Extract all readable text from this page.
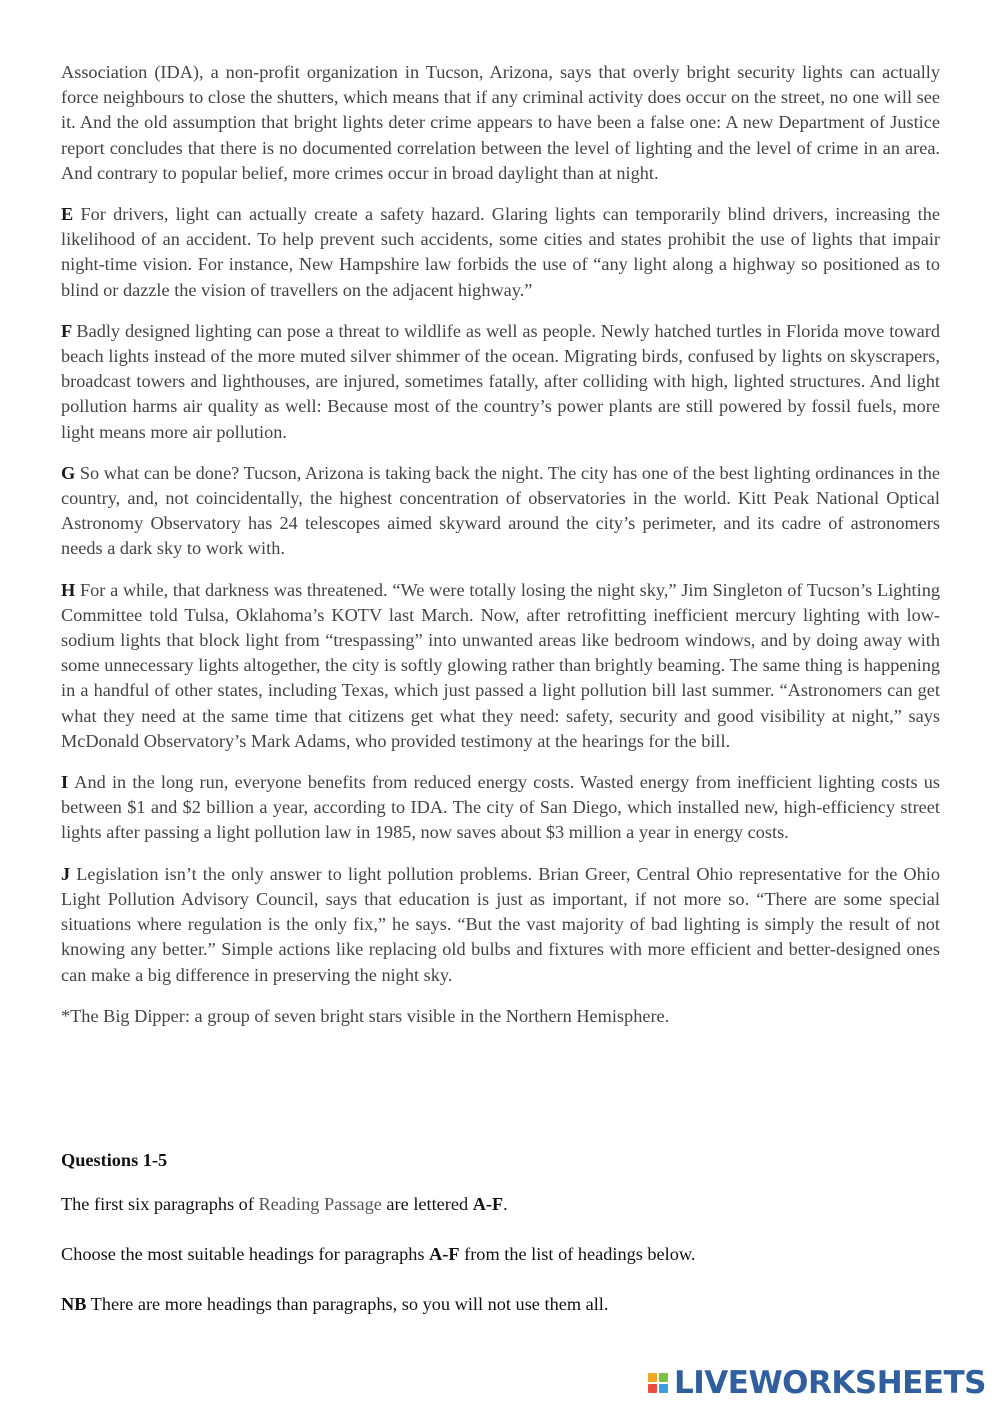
Association (IDA), a non-profit organization in Tucson, Arizona, says that overly bright security lights can actually force neighbours to close the shutters, which means that if any criminal activity does occur on the street, no one will see it. And the old assumption that bright lights deter crime appears to have been a false one: A new Department of Justice report concludes that there is no documented correlation between the level of lighting and the level of crime in an area. And contrary to popular belief, more crimes occur in broad daylight than at night.

E For drivers, light can actually create a safety hazard. Glaring lights can temporarily blind drivers, increasing the likelihood of an accident. To help prevent such accidents, some cities and states prohibit the use of lights that impair night-time vision. For instance, New Hampshire law forbids the use of “any light along a highway so positioned as to blind or dazzle the vision of travellers on the adjacent highway.”

F Badly designed lighting can pose a threat to wildlife as well as people. Newly hatched turtles in Florida move toward beach lights instead of the more muted silver shimmer of the ocean. Migrating birds, confused by lights on skyscrapers, broadcast towers and lighthouses, are injured, sometimes fatally, after colliding with high, lighted structures. And light pollution harms air quality as well: Because most of the country’s power plants are still powered by fossil fuels, more light means more air pollution.

G So what can be done? Tucson, Arizona is taking back the night. The city has one of the best lighting ordinances in the country, and, not coincidentally, the highest concentration of observatories in the world. Kitt Peak National Optical Astronomy Observatory has 24 telescopes aimed skyward around the city’s perimeter, and its cadre of astronomers needs a dark sky to work with.

H For a while, that darkness was threatened. “We were totally losing the night sky,” Jim Singleton of Tucson’s Lighting Committee told Tulsa, Oklahoma’s KOTV last March. Now, after retrofitting inefficient mercury lighting with low-sodium lights that block light from “trespassing” into unwanted areas like bedroom windows, and by doing away with some unnecessary lights altogether, the city is softly glowing rather than brightly beaming. The same thing is happening in a handful of other states, including Texas, which just passed a light pollution bill last summer. “Astronomers can get what they need at the same time that citizens get what they need: safety, security and good visibility at night,” says McDonald Observatory’s Mark Adams, who provided testimony at the hearings for the bill.

I And in the long run, everyone benefits from reduced energy costs. Wasted energy from inefficient lighting costs us between $1 and $2 billion a year, according to IDA. The city of San Diego, which installed new, high-efficiency street lights after passing a light pollution law in 1985, now saves about $3 million a year in energy costs.

J Legislation isn’t the only answer to light pollution problems. Brian Greer, Central Ohio representative for the Ohio Light Pollution Advisory Council, says that education is just as important, if not more so. “There are some special situations where regulation is the only fix,” he says. “But the vast majority of bad lighting is simply the result of not knowing any better.” Simple actions like replacing old bulbs and fixtures with more efficient and better-designed ones can make a big difference in preserving the night sky.

*The Big Dipper: a group of seven bright stars visible in the Northern Hemisphere.

Questions 1-5

The first six paragraphs of Reading Passage are lettered A-F.

Choose the most suitable headings for paragraphs A-F from the list of headings below.

NB There are more headings than paragraphs, so you will not use them all.

LIVEWORKSHEETS
